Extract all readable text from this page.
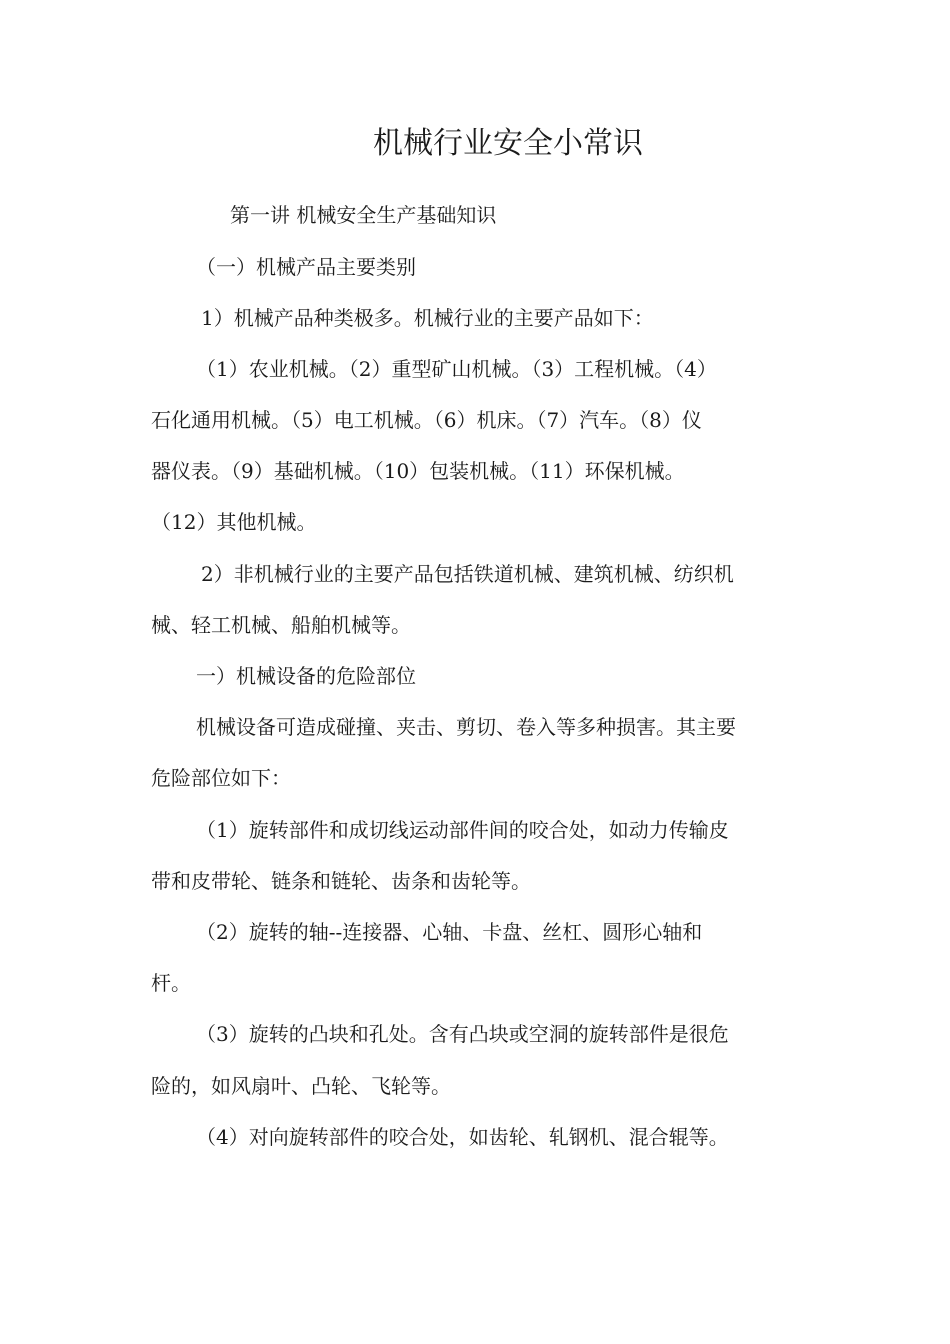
机械行业安全小常识
第一讲 机械安全生产基础知识
（一）机械产品主要类别
1）机械产品种类极多。机械行业的主要产品如下：
（1）农业机械。（2）重型矿山机械。（3）工程机械。（4）
石化通用机械。（5）电工机械。（6）机床。（7）汽车。（8）仪
器仪表。（9）基础机械。（10）包装机械。（11）环保机械。
（12）其他机械。
2）非机械行业的主要产品包括铁道机械、建筑机械、纺织机
械、轻工机械、船舶机械等。
一）机械设备的危险部位
机械设备可造成碰撞、夹击、剪切、卷入等多种损害。其主要
危险部位如下：
（1）旋转部件和成切线运动部件间的咬合处，如动力传输皮
带和皮带轮、链条和链轮、齿条和齿轮等。
（2）旋转的轴--连接器、心轴、卡盘、丝杠、圆形心轴和
杆。
（3）旋转的凸块和孔处。含有凸块或空洞的旋转部件是很危
险的，如风扇叶、凸轮、飞轮等。
（4）对向旋转部件的咬合处，如齿轮、轧钢机、混合辊等。
